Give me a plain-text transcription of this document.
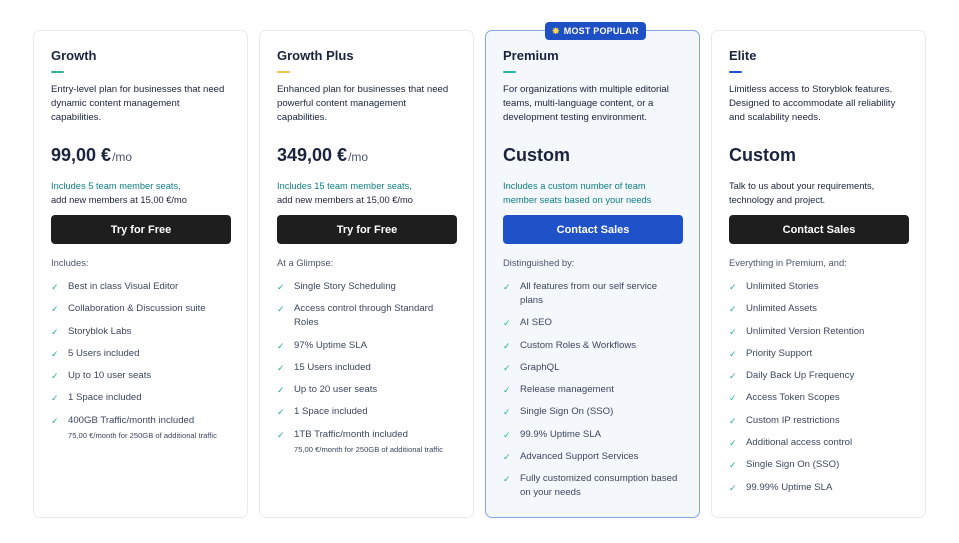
Growth
Entry-level plan for businesses that need dynamic content management capabilities.
99,00 € /mo
Includes 5 team member seats,
add new members at 15,00 €/mo
Try for Free
Includes:
✓ Best in class Visual Editor
✓ Collaboration & Discussion suite
✓ Storyblok Labs
✓ 5 Users included
✓ Up to 10 user seats
✓ 1 Space included
✓ 400GB Traffic/month included
75,00 €/month for 250GB of additional traffic
Growth Plus
Enhanced plan for businesses that need powerful content management capabilities.
349,00 € /mo
Includes 15 team member seats,
add new members at 15,00 €/mo
Try for Free
At a Glimpse:
✓ Single Story Scheduling
✓ Access control through Standard Roles
✓ 97% Uptime SLA
✓ 15 Users included
✓ Up to 20 user seats
✓ 1 Space included
✓ 1TB Traffic/month included
75,00 €/month for 250GB of additional traffic
✸ MOST POPULAR
Premium
For organizations with multiple editorial teams, multi-language content, or a development testing environment.
Custom
Includes a custom number of team member seats based on your needs
Contact Sales
Distinguished by:
✓ All features from our self service plans
✓ AI SEO
✓ Custom Roles & Workflows
✓ GraphQL
✓ Release management
✓ Single Sign On (SSO)
✓ 99.9% Uptime SLA
✓ Advanced Support Services
✓ Fully customized consumption based on your needs
Elite
Limitless access to Storyblok features. Designed to accommodate all reliability and scalability needs.
Custom
Talk to us about your requirements, technology and project.
Contact Sales
Everything in Premium, and:
✓ Unlimited Stories
✓ Unlimited Assets
✓ Unlimited Version Retention
✓ Priority Support
✓ Daily Back Up Frequency
✓ Access Token Scopes
✓ Custom IP restrictions
✓ Additional access control
✓ Single Sign On (SSO)
✓ 99.99% Uptime SLA
